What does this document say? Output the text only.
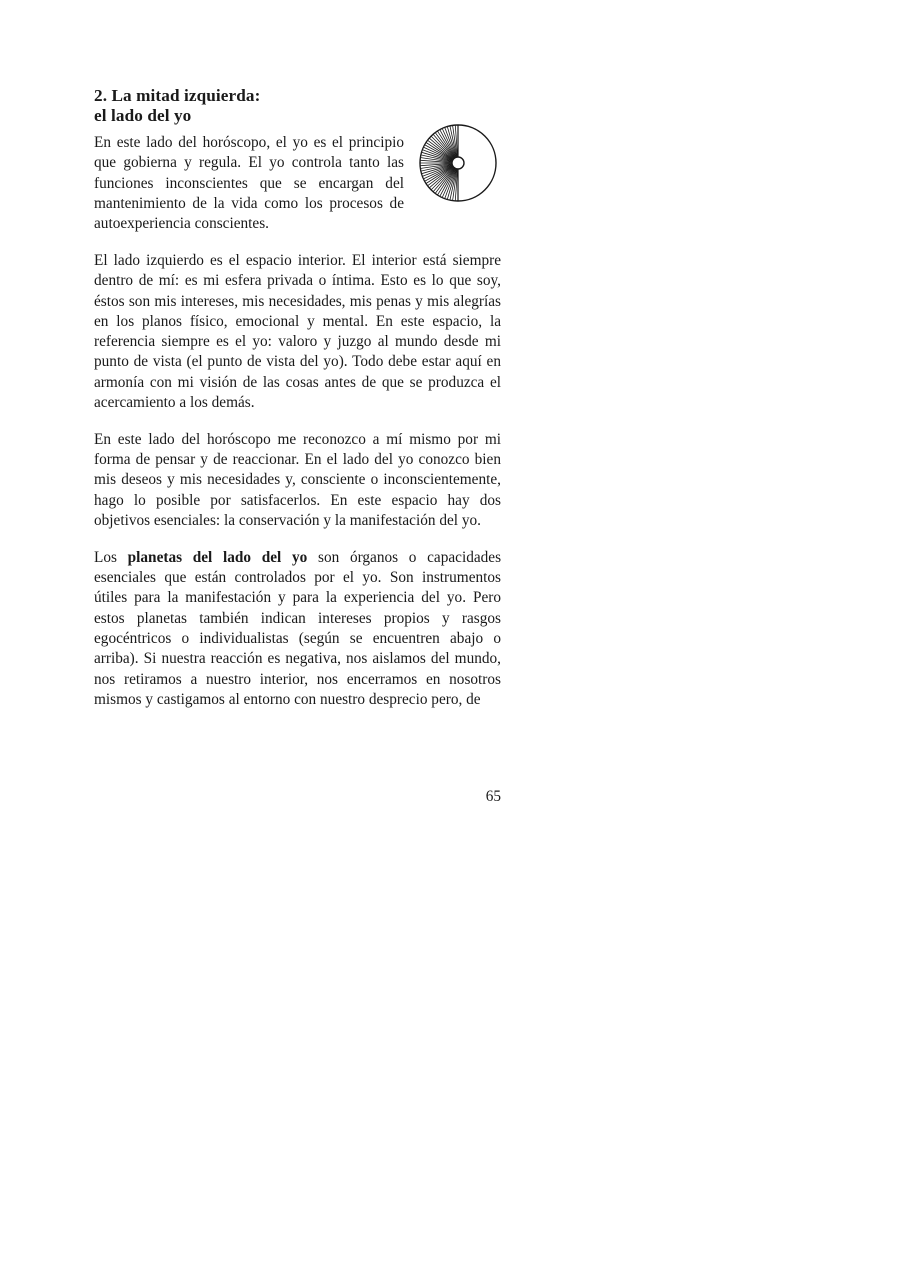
2. La mitad izquierda:
el lado del yo

En este lado del horóscopo, el yo es el principio que gobierna y regula. El yo controla tanto las funciones inconscientes que se encargan del mantenimiento de la vida como los procesos de autoexperiencia conscientes.

El lado izquierdo es el espacio interior. El interior está siempre dentro de mí: es mi esfera privada o íntima. Esto es lo que soy, éstos son mis intereses, mis necesidades, mis penas y mis alegrías en los planos físico, emocional y mental. En este espacio, la referencia siempre es el yo: valoro y juzgo al mundo desde mi punto de vista (el punto de vista del yo). Todo debe estar aquí en armonía con mi visión de las cosas antes de que se produzca el acercamiento a los demás.

En este lado del horóscopo me reconozco a mí mismo por mi forma de pensar y de reaccionar. En el lado del yo conozco bien mis deseos y mis necesidades y, consciente o inconscientemente, hago lo posible por satisfacerlos. En este espacio hay dos objetivos esenciales: la conservación y la manifestación del yo.

Los planetas del lado del yo son órganos o capacidades esenciales que están controlados por el yo. Son instrumentos útiles para la manifestación y para la experiencia del yo. Pero estos planetas también indican intereses propios y rasgos egocéntricos o individualistas (según se encuentren abajo o arriba). Si nuestra reacción es negativa, nos aislamos del mundo, nos retiramos a nuestro interior, nos encerramos en nosotros mismos y castigamos al entorno con nuestro desprecio pero, de

65
